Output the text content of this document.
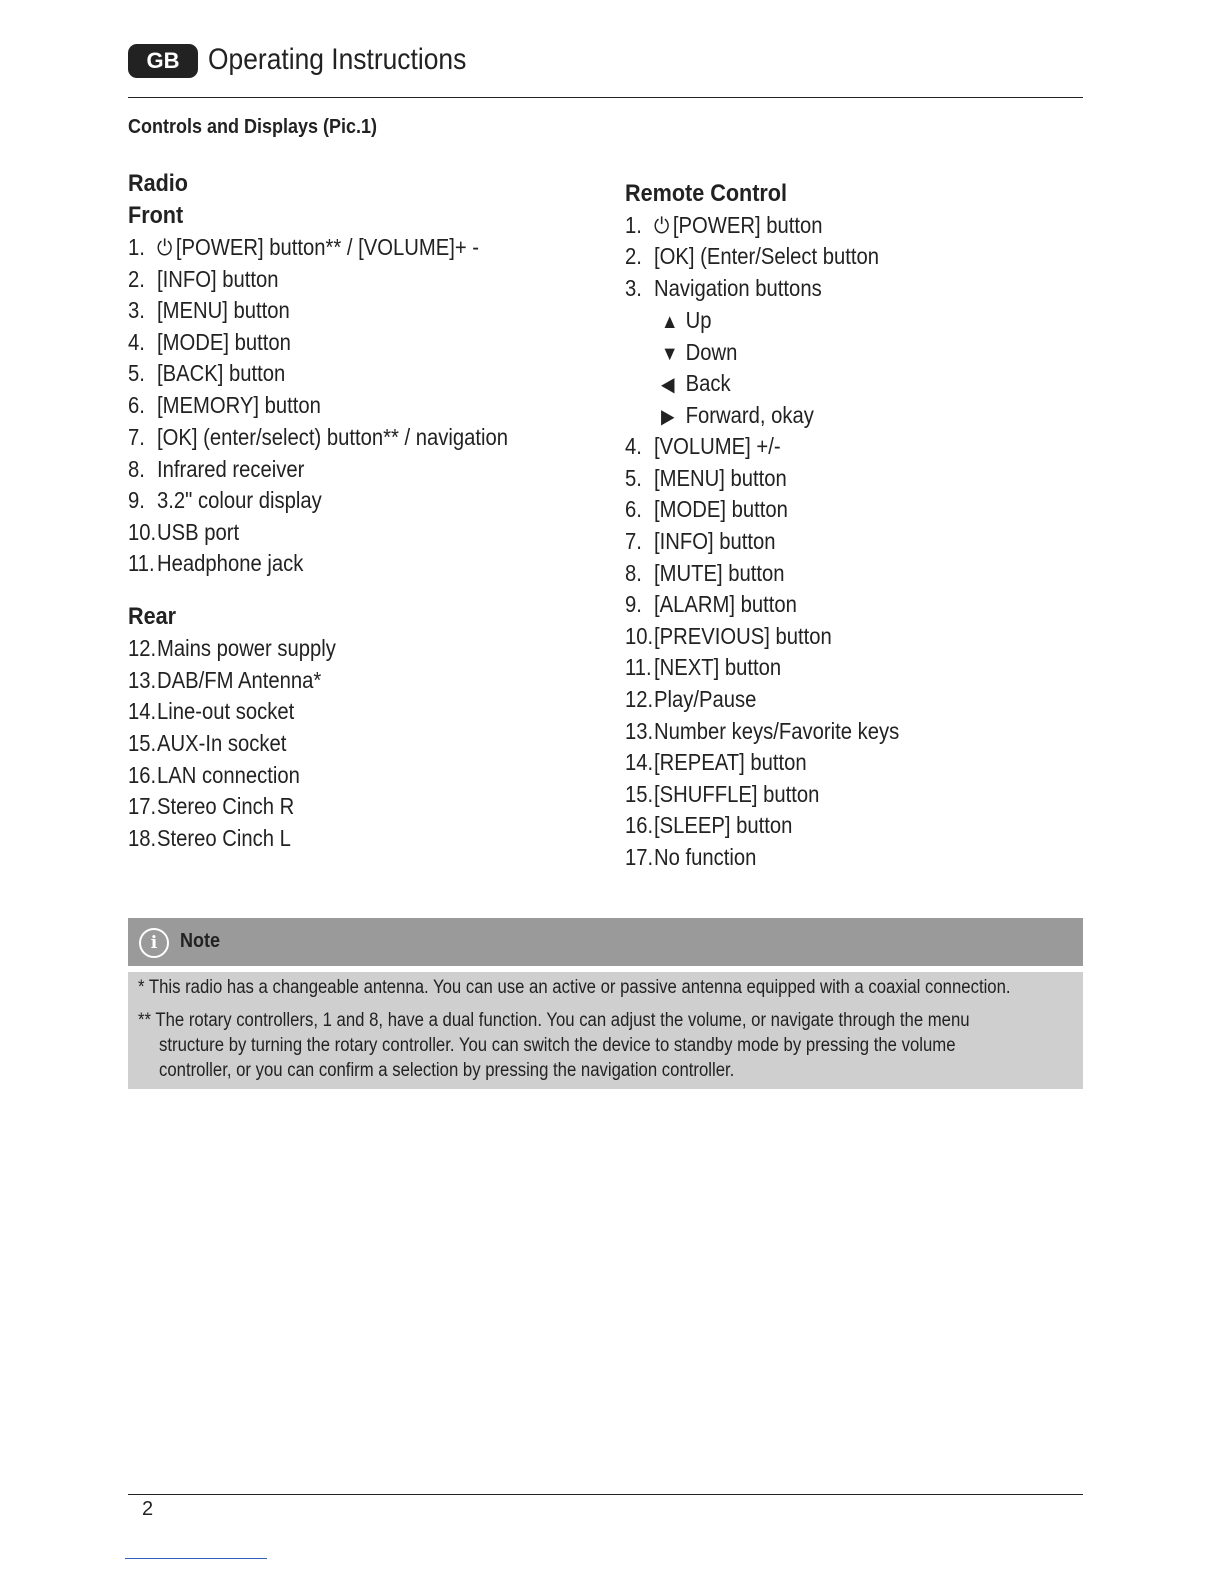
GB Operating Instructions
Controls and Displays (Pic.1)
Radio
Front
1. ⏻ [POWER] button** / [VOLUME]+ -
2. [INFO] button
3. [MENU] button
4. [MODE] button
5. [BACK] button
6. [MEMORY] button
7. [OK] (enter/select) button** / navigation
8. Infrared receiver
9. 3.2" colour display
10.USB port
11. Headphone jack
Rear
12.Mains power supply
13.DAB/FM Antenna*
14.Line-out socket
15.AUX-In socket
16.LAN connection
17.Stereo Cinch R
18.Stereo Cinch L
Remote Control
1. ⏻ [POWER] button
2. [OK] (Enter/Select button
3. Navigation buttons
▲ Up
▼ Down
◀ Back
▶ Forward, okay
4. [VOLUME] +/-
5. [MENU] button
6. [MODE] button
7. [INFO] button
8. [MUTE] button
9. [ALARM] button
10.[PREVIOUS] button
11. [NEXT] button
12.Play/Pause
13.Number keys/Favorite keys
14.[REPEAT] button
15.[SHUFFLE] button
16.[SLEEP] button
17.No function
i	Note
* This radio has a changeable antenna. You can use an active or passive antenna equipped with a coaxial connection.
** The rotary controllers, 1 and 8, have a dual function. You can adjust the volume, or navigate through the menu
structure by turning the rotary controller. You can switch the device to standby mode by pressing the volume
controller, or you can confirm a selection by pressing the navigation controller.
2
